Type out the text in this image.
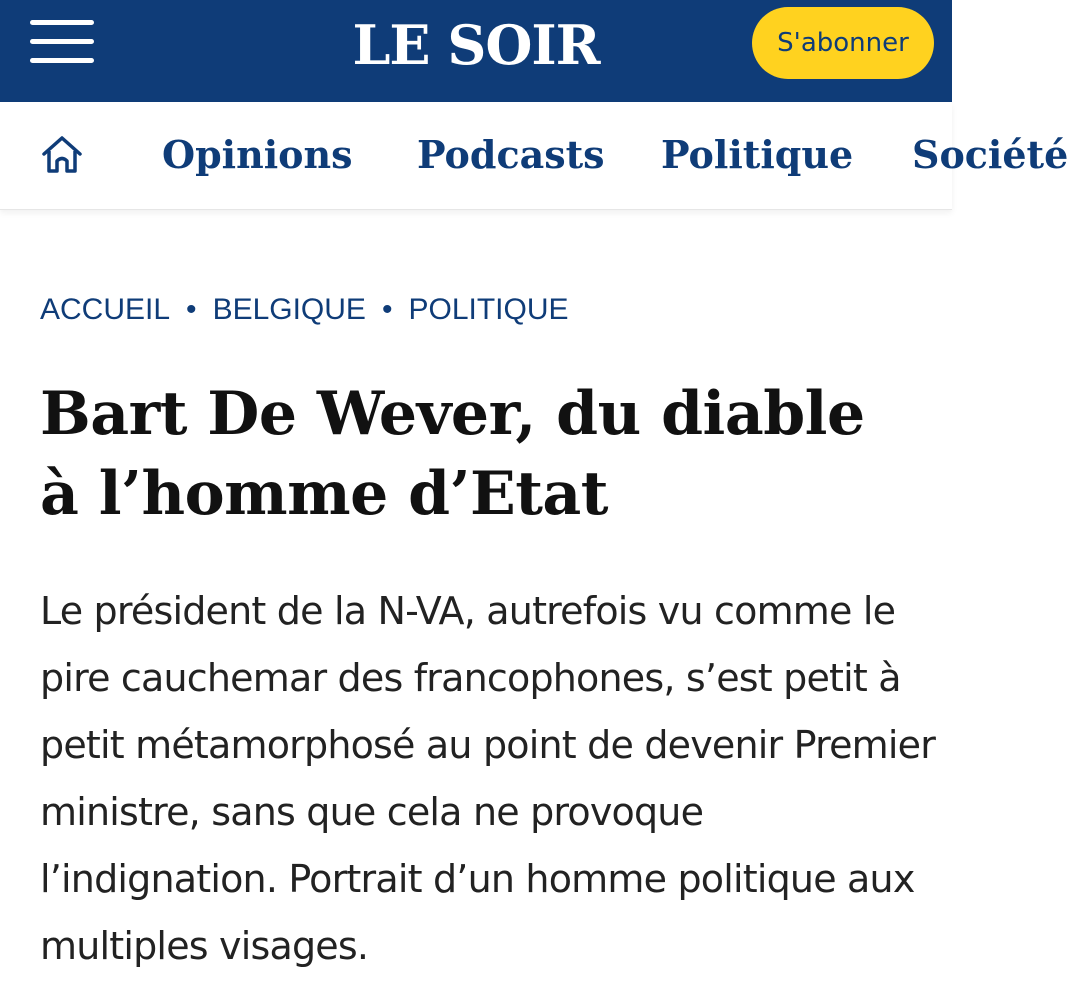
LE SOIR	S'abonner
Opinions Podcasts Politique Société
ACCUEIL • BELGIQUE • POLITIQUE
Bart De Wever, du diable à l’homme d’Etat

Le président de la N-VA, autrefois vu comme le pire cauchemar des francophones, s’est petit à petit métamorphosé au point de devenir Premier ministre, sans que cela ne provoque l’indignation. Portrait d’un homme politique aux multiples visages.
